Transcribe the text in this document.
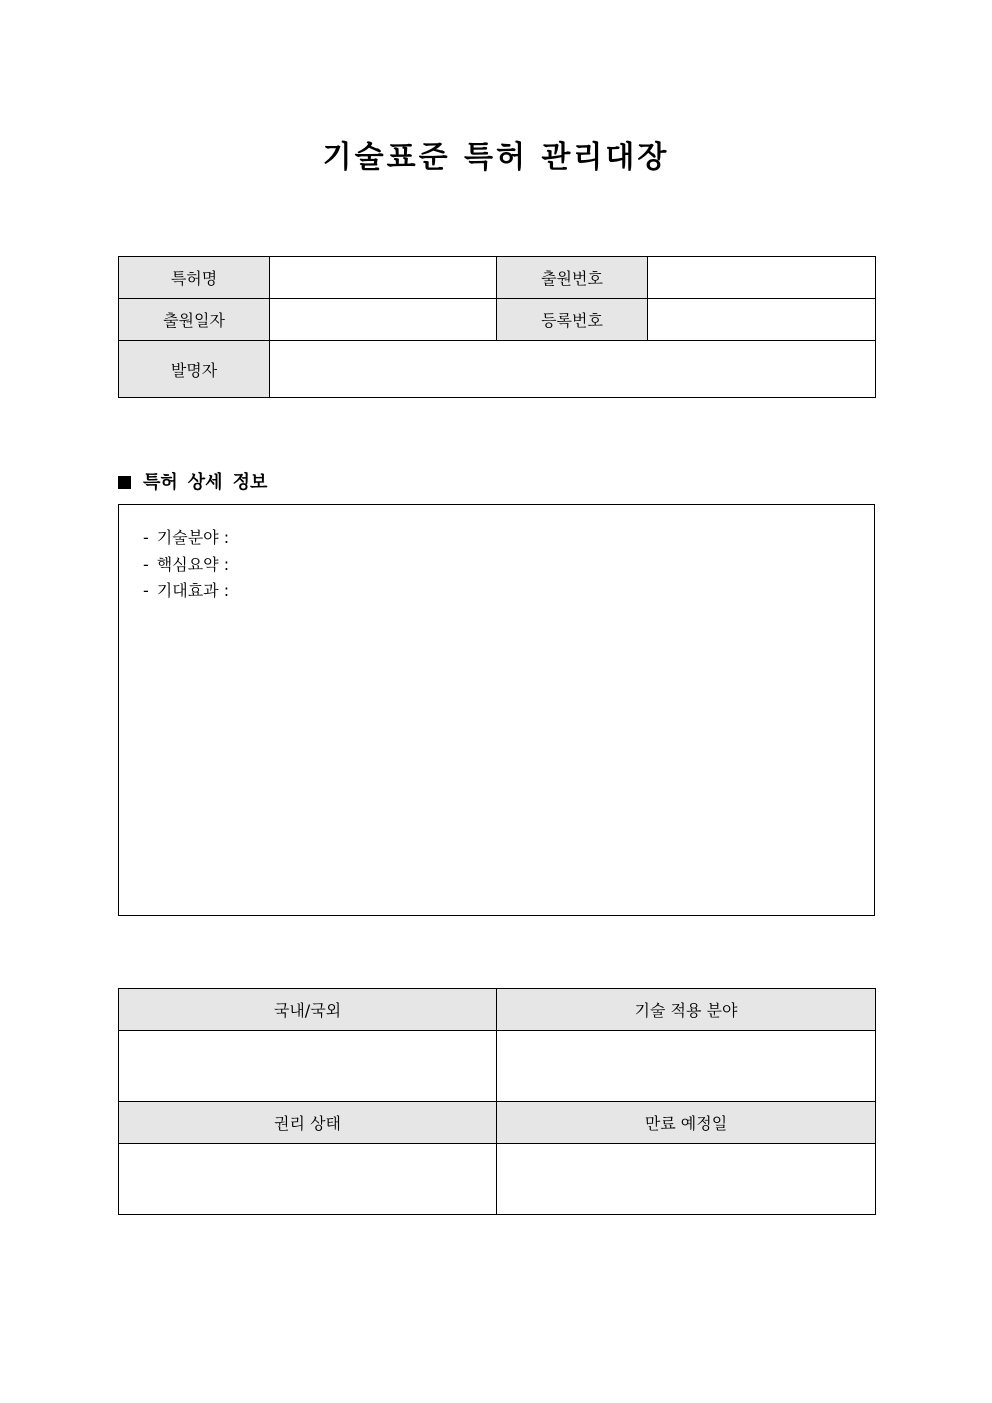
기술표준 특허 관리대장
특허명		출원번호	
출원일자		등록번호	
발명자			
특허 상세 정보
- 기술분야 :
- 핵심요약 :
- 기대효과 :
국내/국외	기술 적용 분야

권리 상태	만료 예정일
